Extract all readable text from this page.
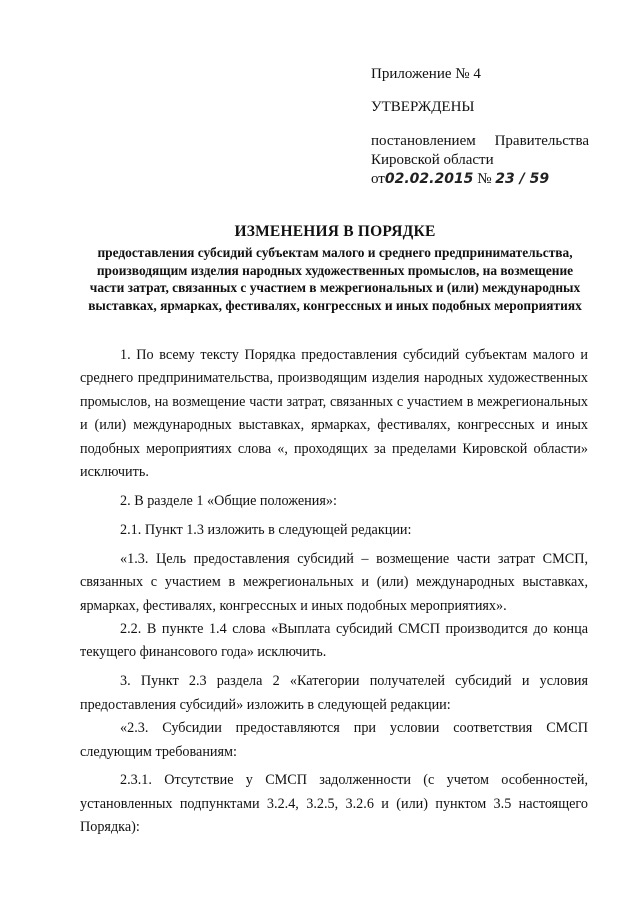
Приложение № 4
УТВЕРЖДЕНЫ
постановлением Правительства
Кировской области
от02.02.2015 № 23 / 59
ИЗМЕНЕНИЯ В ПОРЯДКЕ
предоставления субсидий субъектам малого и среднего предпринимательства, производящим изделия народных художественных промыслов, на возмещение части затрат, связанных с участием в межрегиональных и (или) международных выставках, ярмарках, фестивалях, конгрессных и иных подобных мероприятиях

1. По всему тексту Порядка предоставления субсидий субъектам малого и среднего предпринимательства, производящим изделия народных художественных промыслов, на возмещение части затрат, связанных с участием в межрегиональных и (или) международных выставках, ярмарках, фестивалях, конгрессных и иных подобных мероприятиях слова «, проходящих за пределами Кировской области» исключить.

2. В разделе 1 «Общие положения»:

2.1. Пункт 1.3 изложить в следующей редакции:

«1.3. Цель предоставления субсидий – возмещение части затрат СМСП, связанных с участием в межрегиональных и (или) международных выставках, ярмарках, фестивалях, конгрессных и иных подобных мероприятиях».

2.2. В пункте 1.4 слова «Выплата субсидий СМСП производится до конца текущего финансового года» исключить.

3. Пункт 2.3 раздела 2 «Категории получателей субсидий и условия предоставления субсидий» изложить в следующей редакции:

«2.3. Субсидии предоставляются при условии соответствия СМСП следующим требованиям:

2.3.1. Отсутствие у СМСП задолженности (с учетом особенностей, установленных подпунктами 3.2.4, 3.2.5, 3.2.6 и (или) пунктом 3.5 настоящего Порядка):
